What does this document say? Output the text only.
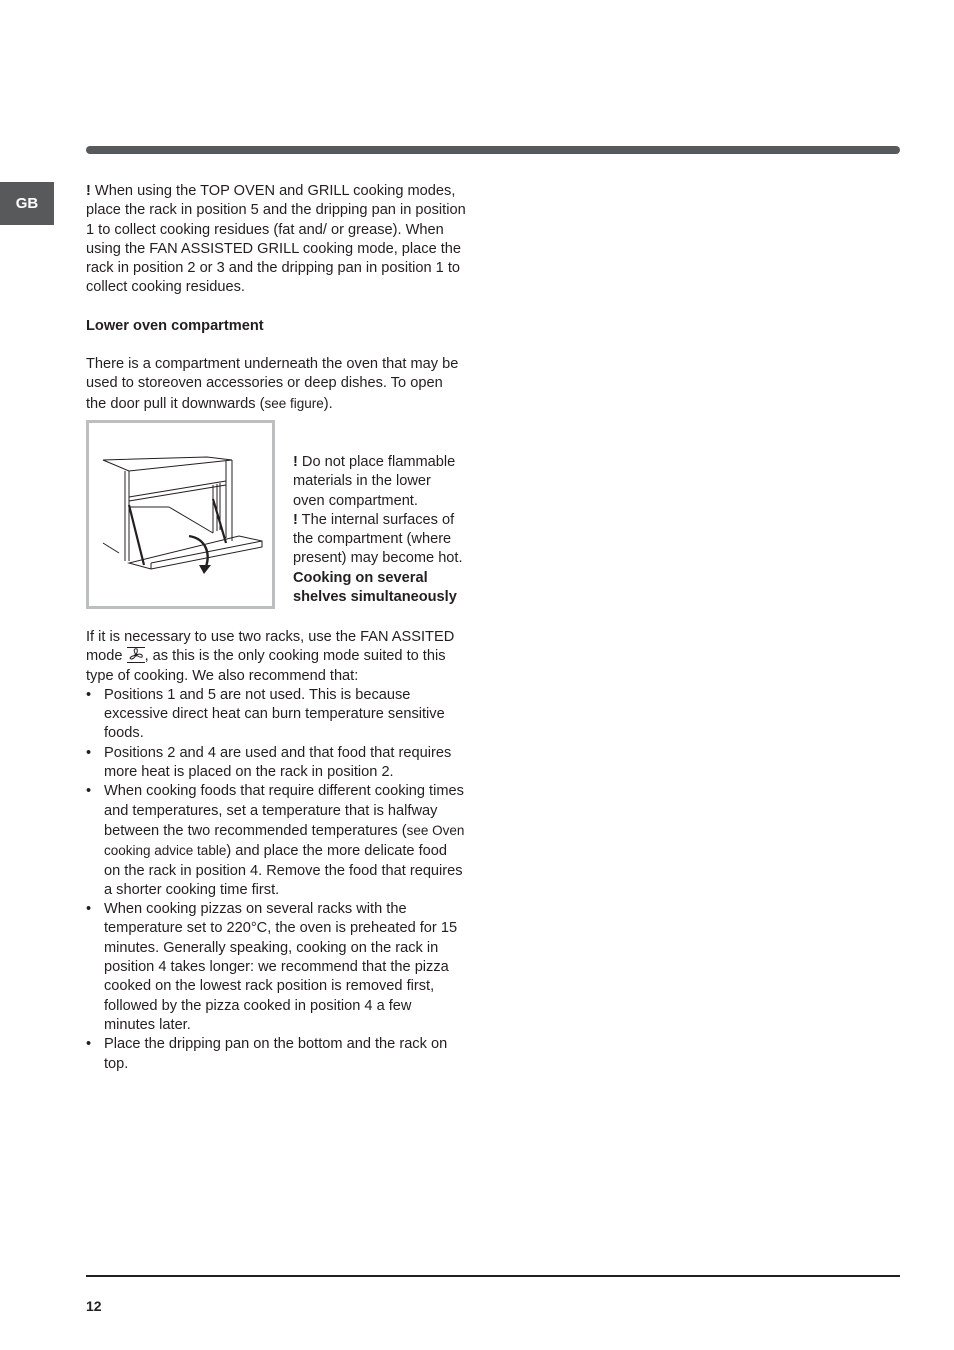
GB

! When using the TOP OVEN and GRILL cooking modes, place the rack in position 5 and the dripping pan in position 1 to collect cooking residues (fat and/ or grease). When using the FAN ASSISTED GRILL cooking mode, place the rack in position 2 or 3 and the dripping pan in position 1 to collect cooking residues.

Lower oven compartment

There is a compartment underneath the oven that may be used to storeoven accessories or deep dishes. To open the door pull it downwards (see figure).

! Do not place flammable materials in the lower oven compartment.

! The internal surfaces of the compartment (where present) may become hot.

Cooking on several shelves simultaneously

If it is necessary to use two racks, use the FAN ASSITED mode , as this is the only cooking mode suited to this type of cooking. We also recommend that:

• Positions 1 and 5 are not used. This is because excessive direct heat can burn temperature sensitive foods.
• Positions 2 and 4 are used and that food that requires more heat is placed on the rack in position 2.
• When cooking foods that require different cooking times and temperatures, set a temperature that is halfway between the two recommended temperatures (see Oven cooking advice table) and place the more delicate food on the rack in position 4. Remove the food that requires a shorter cooking time first.
• When cooking pizzas on several racks with the temperature set to 220°C, the oven is preheated for 15 minutes. Generally speaking, cooking on the rack in position 4 takes longer: we recommend that the pizza cooked on the lowest rack position is removed first, followed by the pizza cooked in position 4 a few minutes later.
• Place the dripping pan on the bottom and the rack on top.
12
